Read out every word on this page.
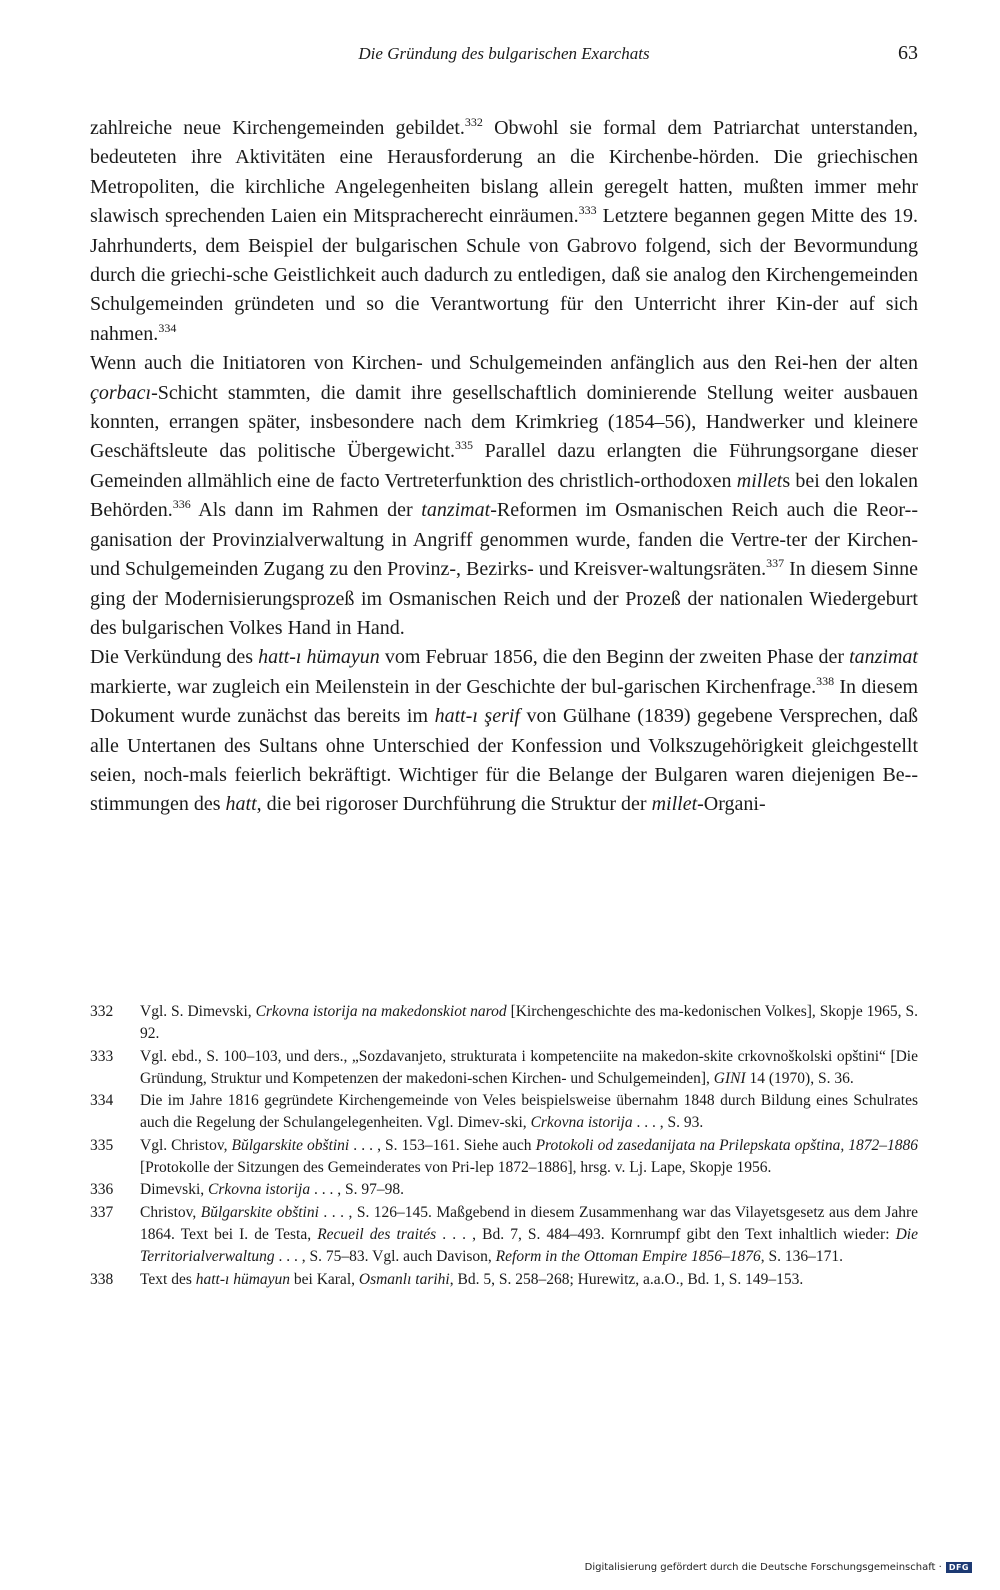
Die Gründung des bulgarischen Exarchats	63

zahlreiche neue Kirchengemeinden gebildet.$^{332}$ Obwohl sie formal dem Patriarchat unterstanden, bedeuteten ihre Aktivitäten eine Herausforderung an die Kirchenbe-hörden. Die griechischen Metropoliten, die kirchliche Angelegenheiten bislang allein geregelt hatten, mußten immer mehr slawisch sprechenden Laien ein Mitspracherecht einräumen.$^{333}$ Letztere begannen gegen Mitte des 19. Jahrhunderts, dem Beispiel der bulgarischen Schule von Gabrovo folgend, sich der Bevormundung durch die griechi-sche Geistlichkeit auch dadurch zu entledigen, daß sie analog den Kirchengemeinden Schulgemeinden gründeten und so die Verantwortung für den Unterricht ihrer Kin-der auf sich nahmen.$^{334}$

Wenn auch die Initiatoren von Kirchen- und Schulgemeinden anfänglich aus den Rei-hen der alten çorbacı-Schicht stammten, die damit ihre gesellschaftlich dominierende Stellung weiter ausbauen konnten, errangen später, insbesondere nach dem Krimkrieg (1854–56), Handwerker und kleinere Geschäftsleute das politische Übergewicht.$^{335}$ Parallel dazu erlangten die Führungsorgane dieser Gemeinden allmählich eine de facto Vertreterfunktion des christlich-orthodoxen millets bei den lokalen Behörden.$^{336}$ Als dann im Rahmen der tanzimat-Reformen im Osmanischen Reich auch die Reor-ganisation der Provinzialverwaltung in Angriff genommen wurde, fanden die Vertre-ter der Kirchen- und Schulgemeinden Zugang zu den Provinz-, Bezirks- und Kreisver-waltungsräten.$^{337}$ In diesem Sinne ging der Modernisierungsprozeß im Osmanischen Reich und der Prozeß der nationalen Wiedergeburt des bulgarischen Volkes Hand in Hand.

Die Verkündung des hatt-ı hümayun vom Februar 1856, die den Beginn der zweiten Phase der tanzimat markierte, war zugleich ein Meilenstein in der Geschichte der bul-garischen Kirchenfrage.$^{338}$ In diesem Dokument wurde zunächst das bereits im hatt-ı şerif von Gülhane (1839) gegebene Versprechen, daß alle Untertanen des Sultans ohne Unterschied der Konfession und Volkszugehörigkeit gleichgestellt seien, noch-mals feierlich bekräftigt. Wichtiger für die Belange der Bulgaren waren diejenigen Be-stimmungen des hatt, die bei rigoroser Durchführung die Struktur der millet-Organi-

332 Vgl. S. Dimevski, Crkovna istorija na makedonskiot narod [Kirchengeschichte des ma-kedonischen Volkes], Skopje 1965, S. 92.

333 Vgl. ebd., S. 100–103, und ders., „Sozdavanjeto, strukturata i kompetenciite na makedon-skite crkovnoškolski opštini“ [Die Gründung, Struktur und Kompetenzen der makedoni-schen Kirchen- und Schulgemeinden], GINI 14 (1970), S. 36.

334 Die im Jahre 1816 gegründete Kirchengemeinde von Veles beispielsweise übernahm 1848 durch Bildung eines Schulrates auch die Regelung der Schulangelegenheiten. Vgl. Dimev-ski, Crkovna istorija . . . , S. 93.

335 Vgl. Christov, Bŭlgarskite obštini . . . , S. 153–161. Siehe auch Protokoli od zasedanijata na Prilepskata opština, 1872–1886 [Protokolle der Sitzungen des Gemeinderates von Pri-lep 1872–1886], hrsg. v. Lj. Lape, Skopje 1956.

336 Dimevski, Crkovna istorija . . . , S. 97–98.

337 Christov, Bŭlgarskite obštini . . . , S. 126–145. Maßgebend in diesem Zusammenhang war das Vilayetsgesetz aus dem Jahre 1864. Text bei I. de Testa, Recueil des traités . . . , Bd. 7, S. 484–493. Kornrumpf gibt den Text inhaltlich wieder: Die Territorialverwaltung . . . , S. 75–83. Vgl. auch Davison, Reform in the Ottoman Empire 1856–1876, S. 136–171.

338 Text des hatt-ı hümayun bei Karal, Osmanlı tarihi, Bd. 5, S. 258–268; Hurewitz, a.a.O., Bd. 1, S. 149–153.

Digitalisierung gefördert durch die Deutsche Forschungsgemeinschaft · DFG
